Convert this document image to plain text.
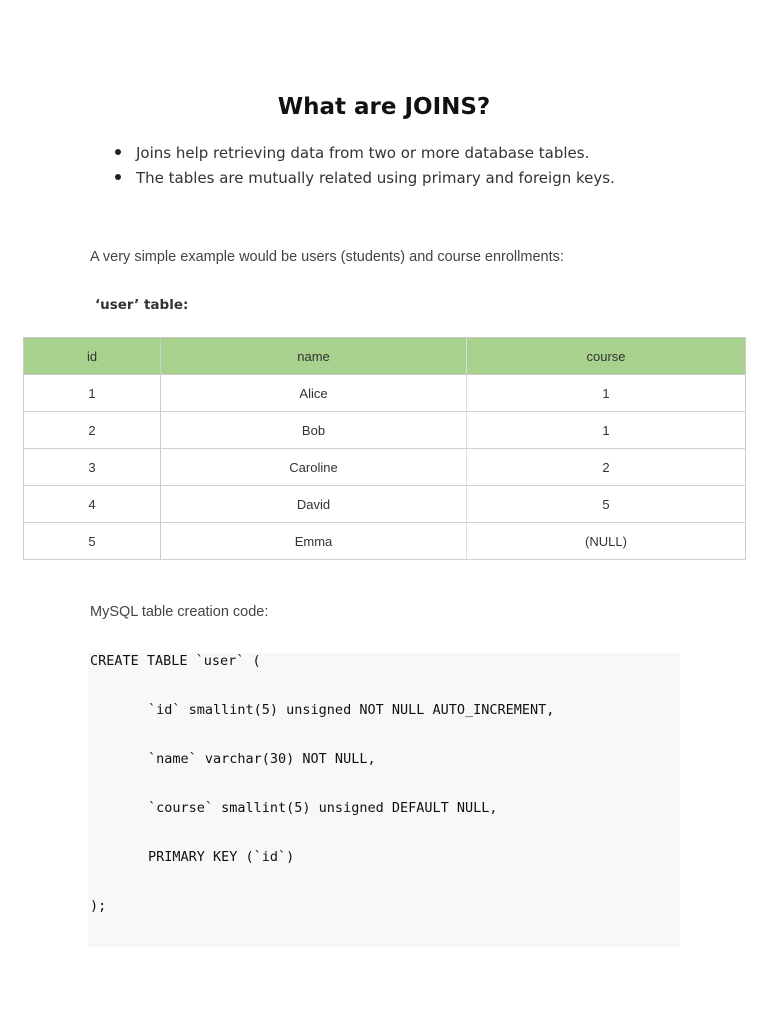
What are JOINS?
Joins help retrieving data from two or more database tables.
The tables are mutually related using primary and foreign keys.

A very simple example would be users (students) and course enrollments:

‘user’ table:

id	name	course
1	Alice	1
2	Bob	1
3	Caroline	2
4	David	5
5	Emma	(NULL)

MySQL table creation code:

CREATE TABLE `user` (
`id` smallint(5) unsigned NOT NULL AUTO_INCREMENT,
`name` varchar(30) NOT NULL,
`course` smallint(5) unsigned DEFAULT NULL,
PRIMARY KEY (`id`)
);
